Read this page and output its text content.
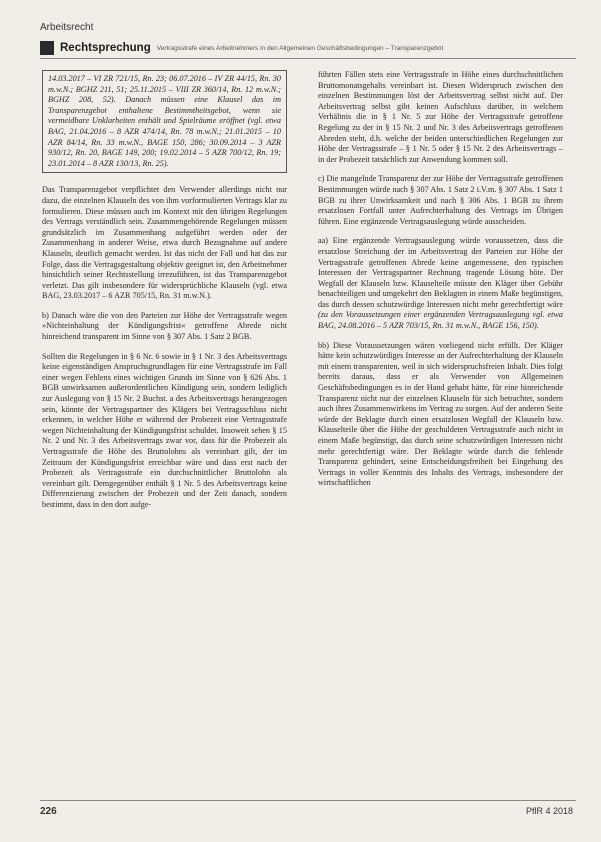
Arbeitsrecht
Rechtsprechung Vertragsstrafe eines Arbeitnehmers in den Allgemeinen Geschäftsbedingungen – Transparenzgebot
14.03.2017 – VI ZR 721/15, Rn. 23; 06.07.2016 – IV ZR 44/15, Rn. 30 m.w.N.; BGHZ 211, 51; 25.11.2015 – VIII ZR 360/14, Rn. 12 m.w.N.; BGHZ 208, 52). Danach müssen eine Klausel das im Transparenzgebot enthaltene Bestimmtheitsgebot, wenn sie vermeidbare Unklarheiten enthält und Spielräume eröffnet (vgl. etwa BAG, 21.04.2016 – 8 AZR 474/14, Rn. 78 m.w.N.; 21.01.2015 – 10 AZR 84/14, Rn. 33 m.w.N., BAGE 150, 286; 30.09.2014 – 3 AZR 930/12, Rn. 20, BAGE 149, 200; 19.02.2014 – 5 AZR 700/12, Rn. 19; 23.01.2014 – 8 AZR 130/13, Rn. 25).

Das Transparenzgebot verpflichtet den Verwender allerdings nicht nur dazu, die einzelnen Klauseln des von ihm vorformulierten Vertrags klar zu formulieren. Diese müssen auch im Kontext mit den übrigen Regelungen des Vertrags verständlich sein. Zusammengehörende Regelungen müssen grundsätzlich im Zusammenhang aufgeführt werden oder der Zusammenhang in anderer Weise, etwa durch Bezugnahme auf andere Klauseln, deutlich gemacht werden. Ist das nicht der Fall und hat das zur Folge, dass die Vertragsgestaltung objektiv geeignet ist, den Arbeitnehmer hinsichtlich seiner Rechtsstellung irrezuführen, ist das Transparenzgebot verletzt. Das gilt insbesondere für widersprüchliche Klauseln (vgl. etwa BAG, 23.03.2017 – 6 AZR 705/15, Rn. 31 m.w.N.).

b) Danach wäre die von den Parteien zur Höhe der Vertragsstrafe wegen »Nichteinhaltung der Kündigungsfrist« getroffene Abrede nicht hinreichend transparent im Sinne von § 307 Abs. 1 Satz 2 BGB.

Sollten die Regelungen in § 6 Nr. 6 sowie in § 1 Nr. 3 des Arbeitsvertrags keine eigenständigen Anspruchsgrundlagen für eine Vertragsstrafe im Fall einer wegen Fehlens eines wichtigen Grunds im Sinne von § 626 Abs. 1 BGB unwirksamen außerordentlichen Kündigung sein, sondern lediglich zur Auslegung von § 15 Nr. 2 Buchst. a des Arbeitsvertrags herangezogen sein, könnte der Vertragspartner des Klägers bei Vertragsschluss nicht erkennen, in welcher Höhe er während der Probezeit eine Vertragsstrafe wegen Nichteinhaltung der Kündigungsfrist schuldet. Insoweit sehen § 15 Nr. 2 und Nr. 3 des Arbeitsvertrags zwar vor, dass für die Probezeit als Vertragsstrafe die Höhe des Bruttolohns als vereinbart gilt, der im Zeitraum der Kündigungsfrist erreichbar wäre und dass erst nach der Probezeit als Vertragsstrafe ein durchschnittlicher Bruttolohn als vereinbart gilt. Demgegenüber enthält § 1 Nr. 5 des Arbeitsvertrags keine Differenzierung zwischen der Probezeit und der Zeit danach, sondern bestimmt, dass in den dort aufge-

führten Fällen stets eine Vertragsstrafe in Höhe eines durchschnittlichen Bruttomonatsgehalts vereinbart ist. Diesen Widerspruch zwischen den einzelnen Bestimmungen löst der Arbeitsvertrag selbst nicht auf. Der Arbeitsvertrag selbst gibt keinen Aufschluss darüber, in welchem Verhältnis die in § 1 Nr. 5 zur Höhe der Vertragsstrafe getroffene Regelung zu der in § 15 Nr. 2 und Nr. 3 des Arbeitsvertrags getroffenen Abreden steht, d.h. welche der beiden unterschiedlichen Regelungen zur Höhe der Vertragsstrafe – § 1 Nr. 5 oder § 15 Nr. 2 des Arbeitsvertrags – in der Probezeit tatsächlich zur Anwendung kommen soll.

c) Die mangelnde Transparenz der zur Höhe der Vertragsstrafe getroffenen Bestimmungen würde nach § 307 Abs. 1 Satz 2 i.V.m. § 307 Abs. 1 Satz 1 BGB zu ihrer Unwirksamkeit und nach § 306 Abs. 1 BGB zu ihrem ersatzlosen Fortfall unter Aufrechterhaltung des Vertrags im Übrigen führen. Eine ergänzende Vertragsauslegung würde ausscheiden.

aa) Eine ergänzende Vertragsauslegung würde voraussetzen, dass die ersatzlose Streichung der im Arbeitsvertrag der Parteien zur Höhe der Vertragsstrafe getroffenen Abrede keine angemessene, den typischen Interessen der Vertragspartner Rechnung tragende Lösung böte. Der Wegfall der Klauseln bzw. Klauselteile müsste den Kläger über Gebühr benachteiligen und umgekehrt den Beklagten in einem Maße begünstigen, das durch dessen schutzwürdige Interessen nicht mehr gerechtfertigt wäre (zu den Voraussetzungen einer ergänzenden Vertragsauslegung vgl. etwa BAG, 24.08.2016 – 5 AZR 703/15, Rn. 31 m.w.N., BAGE 156, 150).

bb) Diese Voraussetzungen wären vorliegend nicht erfüllt. Der Kläger hätte kein schutzwürdiges Interesse an der Aufrechterhaltung der Klauseln mit einem transparenten, weil in sich widerspruchsfreien Inhalt. Dies folgt bereits daraus, dass er als Verwender von Allgemeinen Geschäftsbedingungen es in der Hand gehabt hätte, für eine hinreichende Transparenz nicht nur der einzelnen Klauseln für sich betrachtet, sondern auch ihres Zusammenwirkens im Vertrag zu sorgen. Auf der anderen Seite würde der Beklagte durch einen ersatzlosen Wegfall der Klauseln bzw. Klauselteile über die Höhe der geschuldeten Vertragsstrafe auch nicht in einem Maße begünstigt, das durch seine schutzwürdigen Interessen nicht mehr gerechtfertigt wäre. Der Beklagte würde durch die fehlende Transparenz gehindert, seine Entscheidungsfreiheit bei Eingehung des Vertrags in voller Kenntnis des Inhalts des Vertrags, insbesondere der wirtschaftlichen

226	PflR 4 2018
